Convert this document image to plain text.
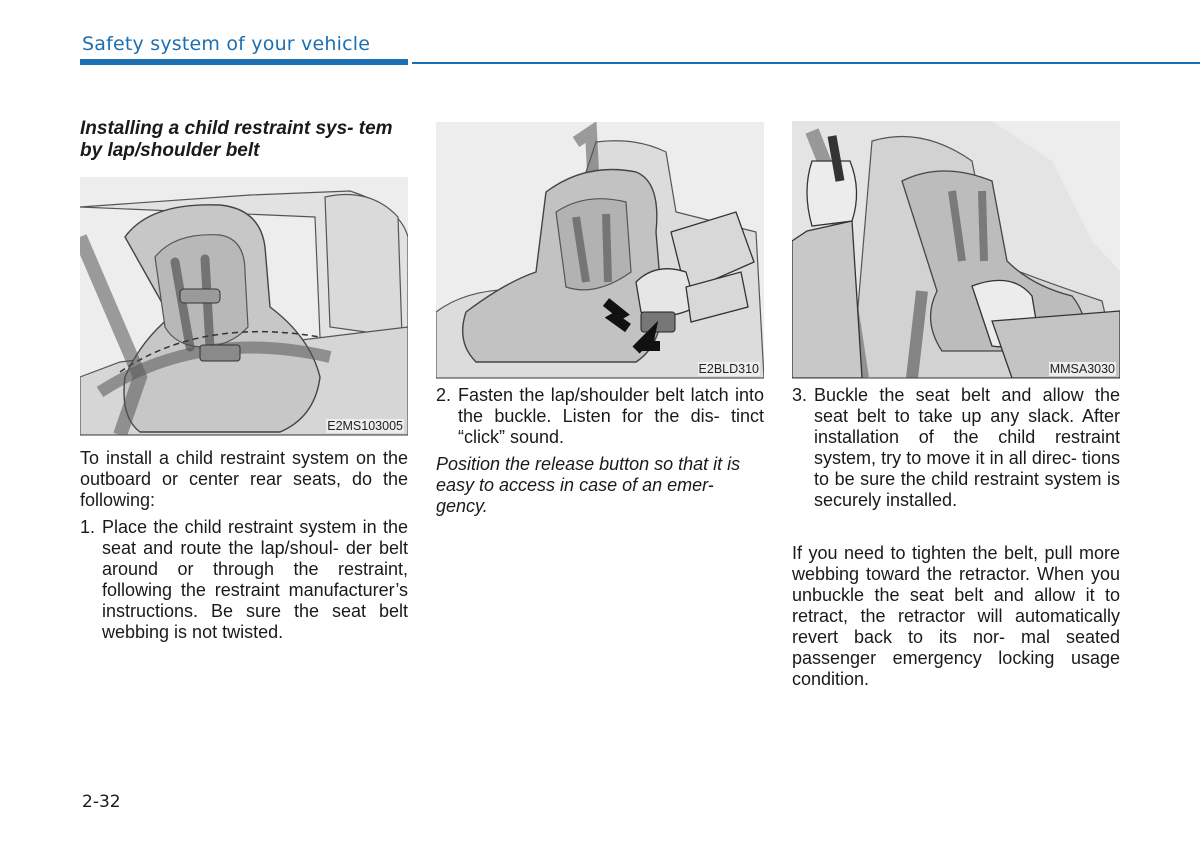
Safety system of your vehicle
Installing a child restraint sys- tem by lap/shoulder belt
E2MS103005
E2BLD310	MMSA3030

To install a child restraint system on the outboard or center rear seats, do the following:

1. Place the child restraint system in the seat and route the lap/shoul- der belt around or through the restraint, following the restraint manufacturer’s instructions. Be sure the seat belt webbing is not twisted.
2. Fasten the lap/shoulder belt latch into the buckle. Listen for the dis- tinct “click” sound.

Position the release button so that it is easy to access in case of an emer- gency.

3. Buckle the seat belt and allow the seat belt to take up any slack. After installation of the child restraint system, try to move it in all direc- tions to be sure the child restraint system is securely installed.

If you need to tighten the belt, pull more webbing toward the retractor. When you unbuckle the seat belt and allow it to retract, the retractor will automatically revert back to its nor- mal seated passenger emergency locking usage condition.

2-32
